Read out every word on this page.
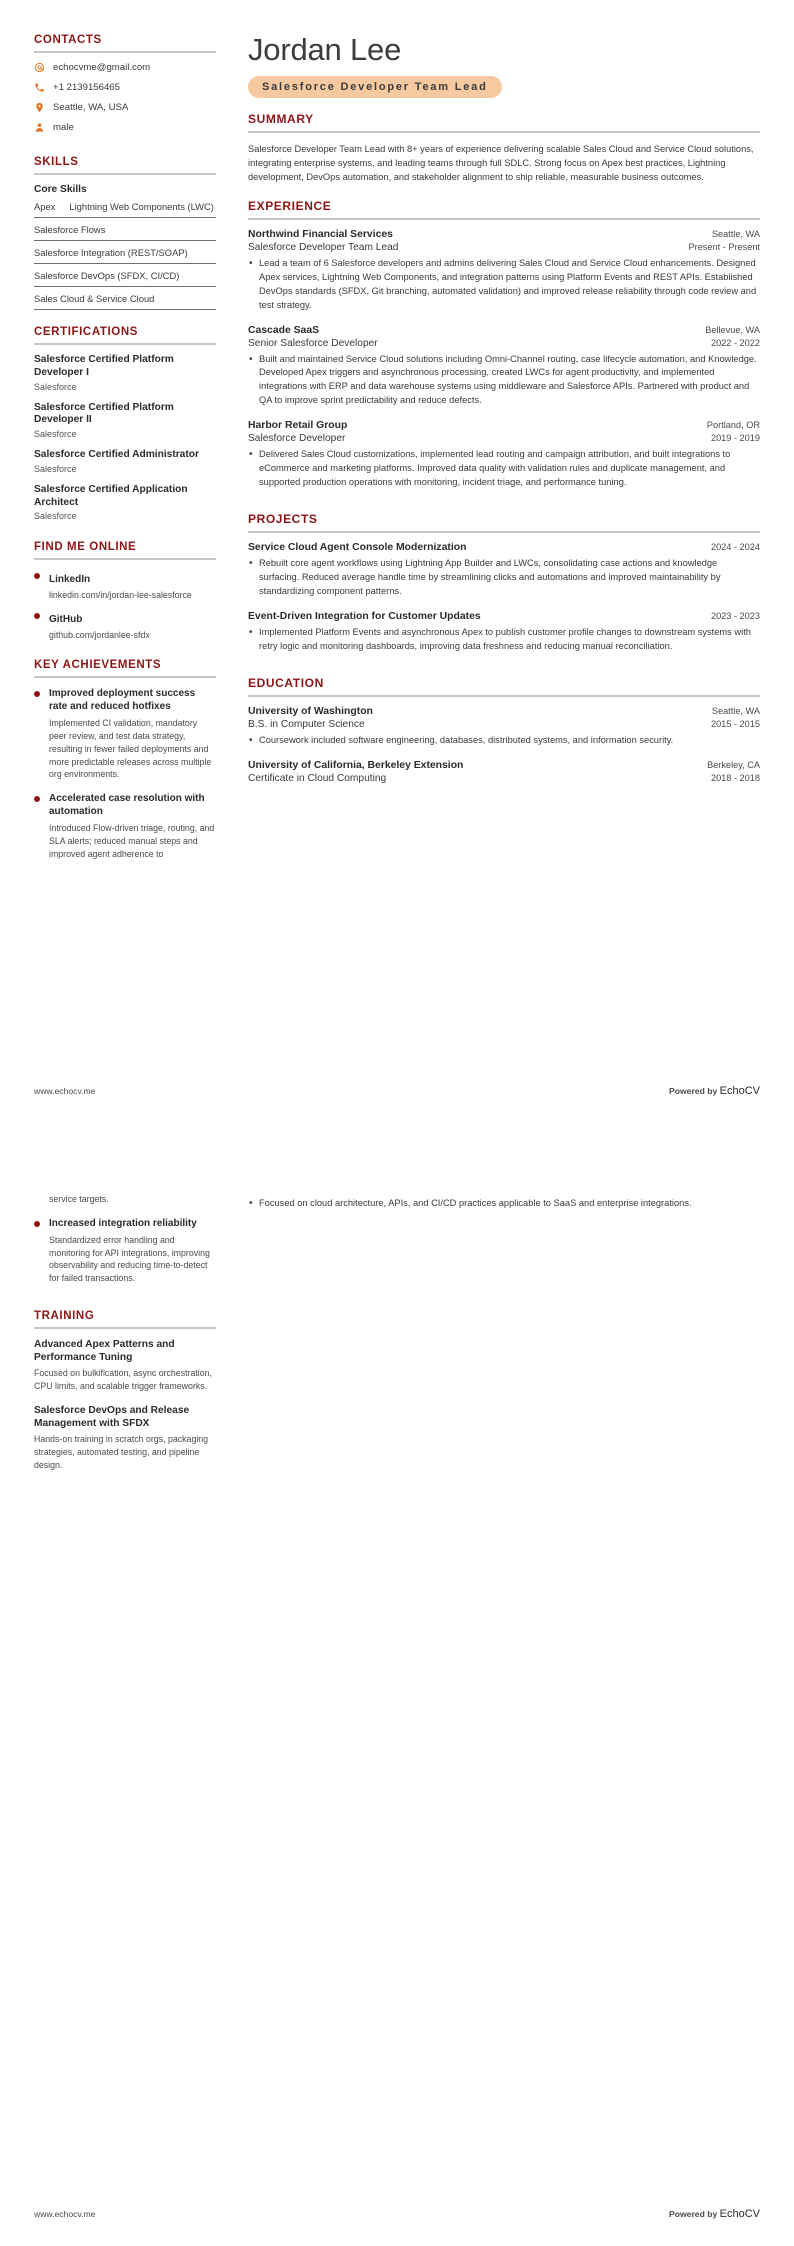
CONTACTS
echocvme@gmail.com
+1 2139156465
Seattle, WA, USA
male
SKILLS
Core Skills
Apex Lightning Web Components (LWC)
Salesforce Flows
Salesforce Integration (REST/SOAP)
Salesforce DevOps (SFDX, CI/CD)
Sales Cloud & Service Cloud
CERTIFICATIONS
Salesforce Certified Platform Developer I
Salesforce
Salesforce Certified Platform Developer II
Salesforce
Salesforce Certified Administrator
Salesforce
Salesforce Certified Application Architect
Salesforce
FIND ME ONLINE
LinkedIn
linkedin.com/in/jordan-lee-salesforce
GitHub
github.com/jordanlee-sfdx
KEY ACHIEVEMENTS
Improved deployment success rate and reduced hotfixes
Implemented CI validation, mandatory peer review, and test data strategy, resulting in fewer failed deployments and more predictable releases across multiple org environments.
Accelerated case resolution with automation
Introduced Flow-driven triage, routing, and SLA alerts; reduced manual steps and improved agent adherence to
Jordan Lee
Salesforce Developer Team Lead
SUMMARY
Salesforce Developer Team Lead with 8+ years of experience delivering scalable Sales Cloud and Service Cloud solutions, integrating enterprise systems, and leading teams through full SDLC. Strong focus on Apex best practices, Lightning development, DevOps automation, and stakeholder alignment to ship reliable, measurable business outcomes.
EXPERIENCE
Northwind Financial Services	Seattle, WA
Salesforce Developer Team Lead	Present - Present
• Lead a team of 6 Salesforce developers and admins delivering Sales Cloud and Service Cloud enhancements. Designed Apex services, Lightning Web Components, and integration patterns using Platform Events and REST APIs. Established DevOps standards (SFDX, Git branching, automated validation) and improved release reliability through code review and test strategy.
Cascade SaaS	Bellevue, WA
Senior Salesforce Developer	2022 - 2022
• Built and maintained Service Cloud solutions including Omni-Channel routing, case lifecycle automation, and Knowledge. Developed Apex triggers and asynchronous processing, created LWCs for agent productivity, and implemented integrations with ERP and data warehouse systems using middleware and Salesforce APIs. Partnered with product and QA to improve sprint predictability and reduce defects.
Harbor Retail Group	Portland, OR
Salesforce Developer	2019 - 2019
• Delivered Sales Cloud customizations, implemented lead routing and campaign attribution, and built integrations to eCommerce and marketing platforms. Improved data quality with validation rules and duplicate management, and supported production operations with monitoring, incident triage, and performance tuning.
PROJECTS
Service Cloud Agent Console Modernization	2024 - 2024
• Rebuilt core agent workflows using Lightning App Builder and LWCs, consolidating case actions and knowledge surfacing. Reduced average handle time by streamlining clicks and automations and improved maintainability by standardizing component patterns.
Event-Driven Integration for Customer Updates	2023 - 2023
• Implemented Platform Events and asynchronous Apex to publish customer profile changes to downstream systems with retry logic and monitoring dashboards, improving data freshness and reducing manual reconciliation.
EDUCATION
University of Washington	Seattle, WA
B.S. in Computer Science	2015 - 2015
• Coursework included software engineering, databases, distributed systems, and information security.
University of California, Berkeley Extension	Berkeley, CA
Certificate in Cloud Computing	2018 - 2018
www.echocv.me	Powered by EchoCV
service targets.
Increased integration reliability
Standardized error handling and monitoring for API integrations, improving observability and reducing time-to-detect for failed transactions.
TRAINING
Advanced Apex Patterns and Performance Tuning
Focused on bulkification, async orchestration, CPU limits, and scalable trigger frameworks.
Salesforce DevOps and Release Management with SFDX
Hands-on training in scratch orgs, packaging strategies, automated testing, and pipeline design.
• Focused on cloud architecture, APIs, and CI/CD practices applicable to SaaS and enterprise integrations.
www.echocv.me	Powered by EchoCV
